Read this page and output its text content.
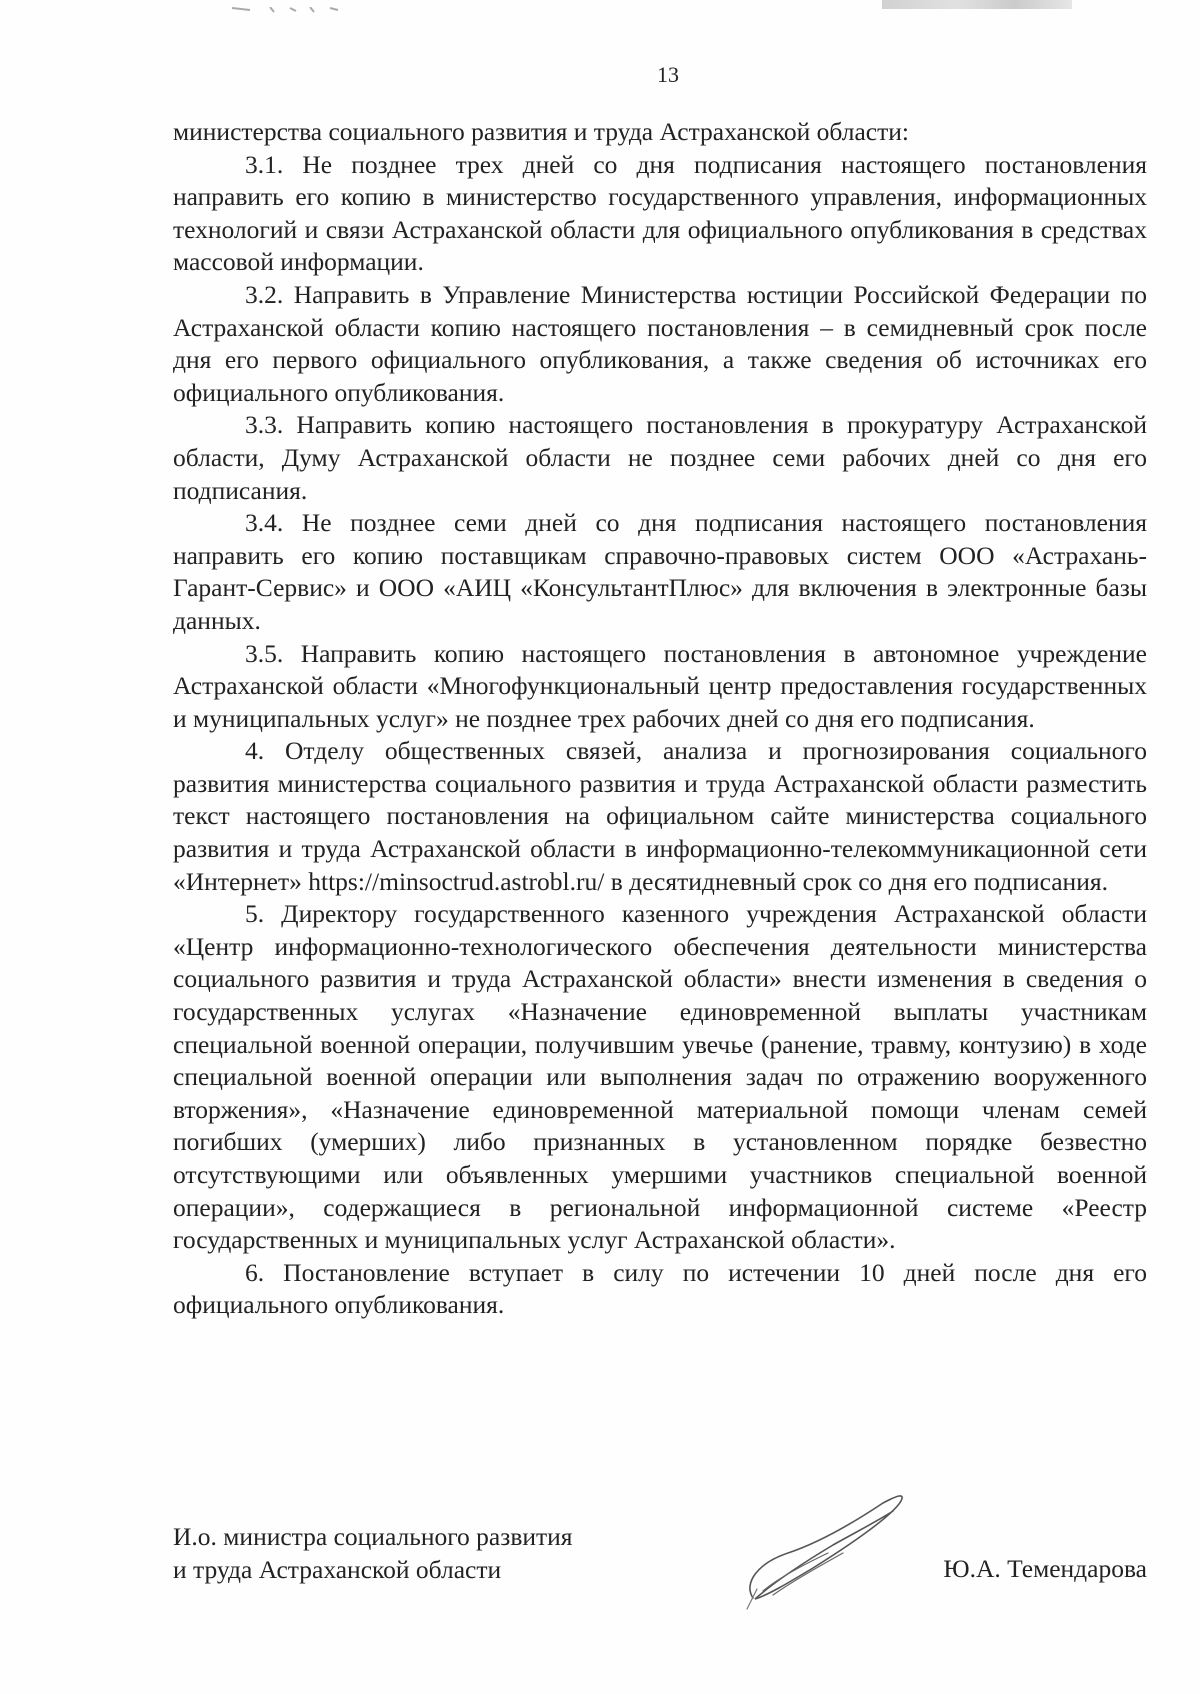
13

министерства социального развития и труда Астраханской области:

3.1. Не позднее трех дней со дня подписания настоящего постановления направить его копию в министерство государственного управления, информационных технологий и связи Астраханской области для официального опубликования в средствах массовой информации.

3.2. Направить в Управление Министерства юстиции Российской Федерации по Астраханской области копию настоящего постановления – в семидневный срок после дня его первого официального опубликования, а также сведения об источниках его официального опубликования.

3.3. Направить копию настоящего постановления в прокуратуру Астраханской области, Думу Астраханской области не позднее семи рабочих дней со дня его подписания.

3.4. Не позднее семи дней со дня подписания настоящего постановления направить его копию поставщикам справочно-правовых систем ООО «Астрахань-Гарант-Сервис» и ООО «АИЦ «КонсультантПлюс» для включения в электронные базы данных.

3.5. Направить копию настоящего постановления в автономное учреждение Астраханской области «Многофункциональный центр предоставления государственных и муниципальных услуг» не позднее трех рабочих дней со дня его подписания.

4. Отделу общественных связей, анализа и прогнозирования социального развития министерства социального развития и труда Астраханской области разместить текст настоящего постановления на официальном сайте министерства социального развития и труда Астраханской области в информационно-телекоммуникационной сети «Интернет» https://minsoctrud.astrobl.ru/ в десятидневный срок со дня его подписания.

5. Директору государственного казенного учреждения Астраханской области «Центр информационно-технологического обеспечения деятельности министерства социального развития и труда Астраханской области» внести изменения в сведения о государственных услугах «Назначение единовременной выплаты участникам специальной военной операции, получившим увечье (ранение, травму, контузию) в ходе специальной военной операции или выполнения задач по отражению вооруженного вторжения», «Назначение единовременной материальной помощи членам семей погибших (умерших) либо признанных в установленном порядке безвестно отсутствующими или объявленных умершими участников специальной военной операции», содержащиеся в региональной информационной системе «Реестр государственных и муниципальных услуг Астраханской области».

6. Постановление вступает в силу по истечении 10 дней после дня его официального опубликования.

И.о. министра социального развития
и труда Астраханской области	Ю.А. Темендарова
